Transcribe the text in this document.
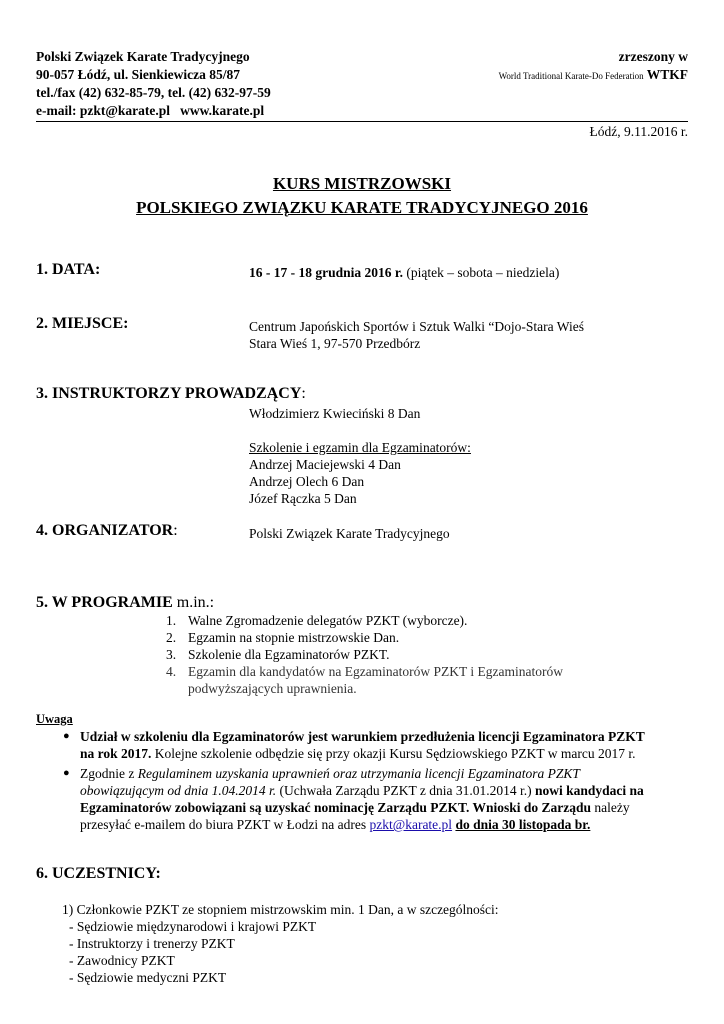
Polski Związek Karate Tradycyjnego
90-057 Łódź, ul. Sienkiewicza 85/87
tel./fax (42) 632-85-79, tel. (42) 632-97-59
e-mail: pzkt@karate.pl www.karate.pl
zrzeszony w
World Traditional Karate-Do Federation WTKF
Łódź, 9.11.2016 r.
KURS MISTRZOWSKI
POLSKIEGO ZWIĄZKU KARATE TRADYCYJNEGO 2016
1. DATA:	16 - 17 - 18 grudnia 2016 r. (piątek – sobota – niedziela)
2. MIEJSCE:	Centrum Japońskich Sportów i Sztuk Walki “Dojo-Stara Wieś
Stara Wieś 1, 97-570 Przedbórz
3. INSTRUKTORZY PROWADZĄCY:
Włodzimierz Kwieciński 8 Dan
Szkolenie i egzamin dla Egzaminatorów:
Andrzej Maciejewski 4 Dan
Andrzej Olech 6 Dan
Józef Rączka 5 Dan
4. ORGANIZATOR:	Polski Związek Karate Tradycyjnego
5. W PROGRAMIE m.in.:
1. Walne Zgromadzenie delegatów PZKT (wyborcze).
2. Egzamin na stopnie mistrzowskie Dan.
3. Szkolenie dla Egzaminatorów PZKT.
4. Egzamin dla kandydatów na Egzaminatorów PZKT i Egzaminatorów
podwyższających uprawnienia.
Uwaga
● Udział w szkoleniu dla Egzaminatorów jest warunkiem przedłużenia licencji Egzaminatora PZKT
na rok 2017. Kolejne szkolenie odbędzie się przy okazji Kursu Sędziowskiego PZKT w marcu 2017 r.
● Zgodnie z Regulaminem uzyskania uprawnień oraz utrzymania licencji Egzaminatora PZKT
obowiązującym od dnia 1.04.2014 r. (Uchwała Zarządu PZKT z dnia 31.01.2014 r.) nowi kandydaci na
Egzaminatorów zobowiązani są uzyskać nominację Zarządu PZKT. Wnioski do Zarządu należy
przesyłać e-mailem do biura PZKT w Łodzi na adres pzkt@karate.pl do dnia 30 listopada br.
6. UCZESTNICY:
1) Członkowie PZKT ze stopniem mistrzowskim min. 1 Dan, a w szczególności:
- Sędziowie międzynarodowi i krajowi PZKT
- Instruktorzy i trenerzy PZKT
- Zawodnicy PZKT
- Sędziowie medyczni PZKT
